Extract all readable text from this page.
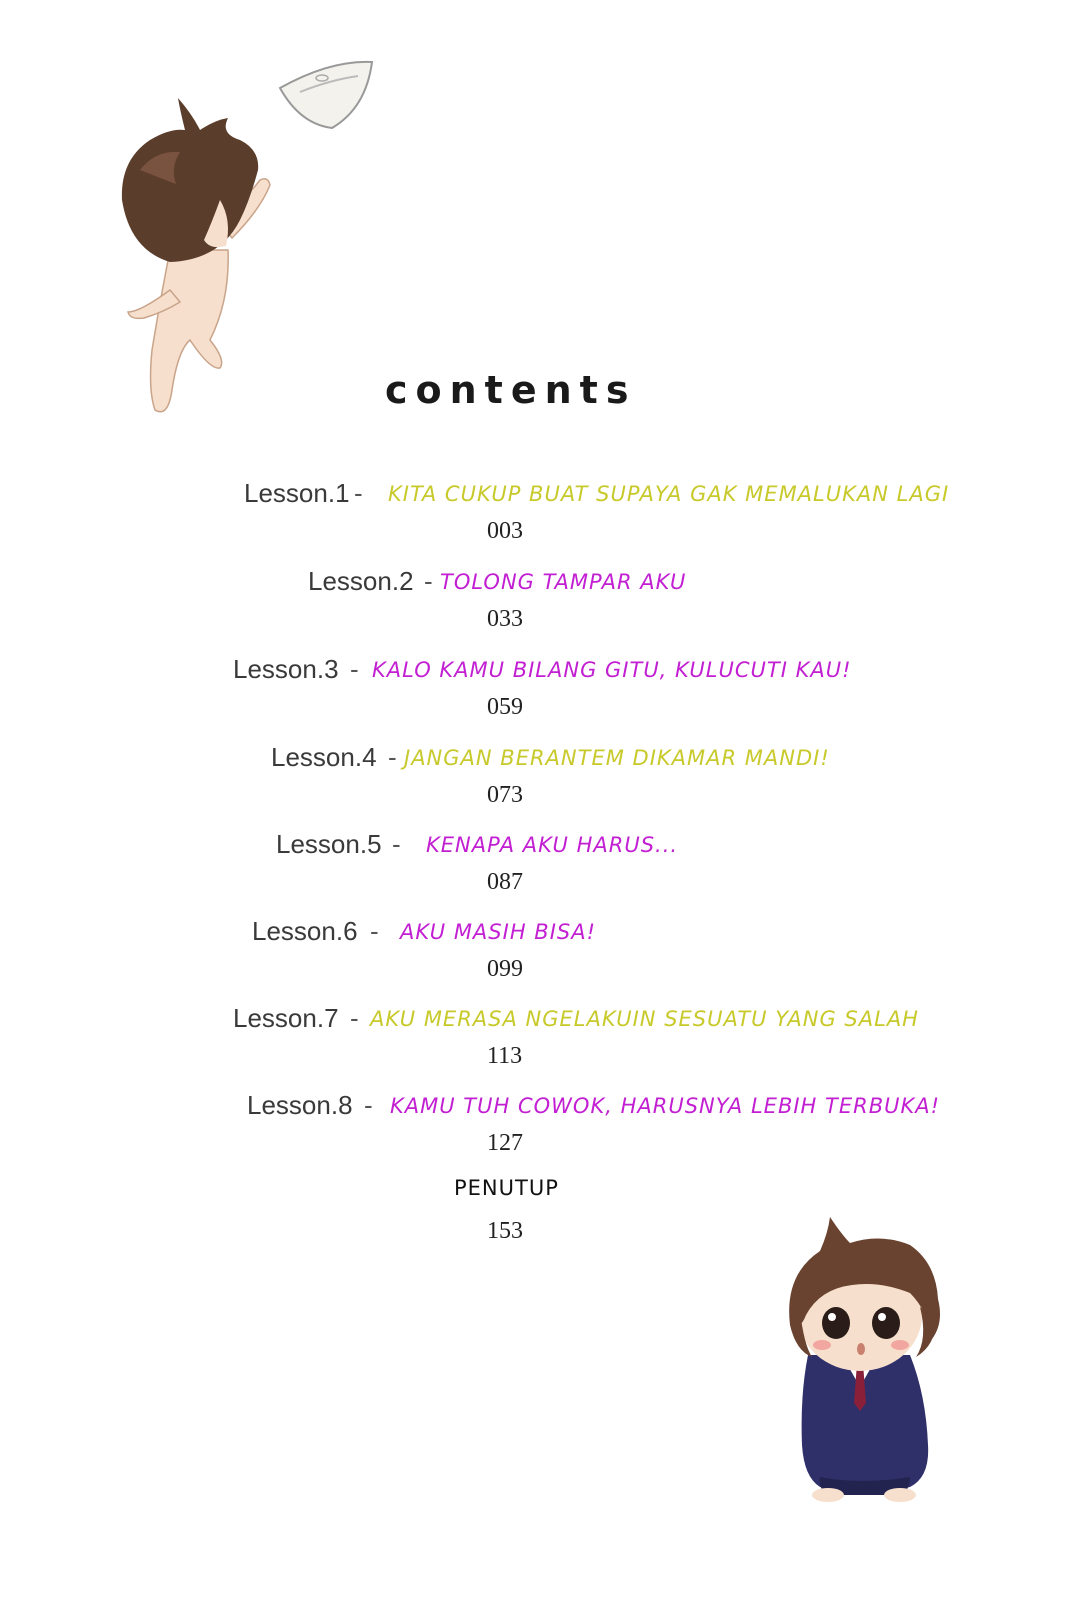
contents
Lesson.1 - KITA CUKUP BUAT SUPAYA GAK MEMALUKAN LAGI
003
Lesson.2 - TOLONG TAMPAR AKU
033
Lesson.3 - KALO KAMU BILANG GITU, KULUCUTI KAU!
059
Lesson.4 - JANGAN BERANTEM DIKAMAR MANDI!
073
Lesson.5 - KENAPA AKU HARUS...
087
Lesson.6 - AKU MASIH BISA!
099
Lesson.7 - AKU MERASA NGELAKUIN SESUATU YANG SALAH
113
Lesson.8 - KAMU TUH COWOK, HARUSNYA LEBIH TERBUKA!
127
PENUTUP
153
